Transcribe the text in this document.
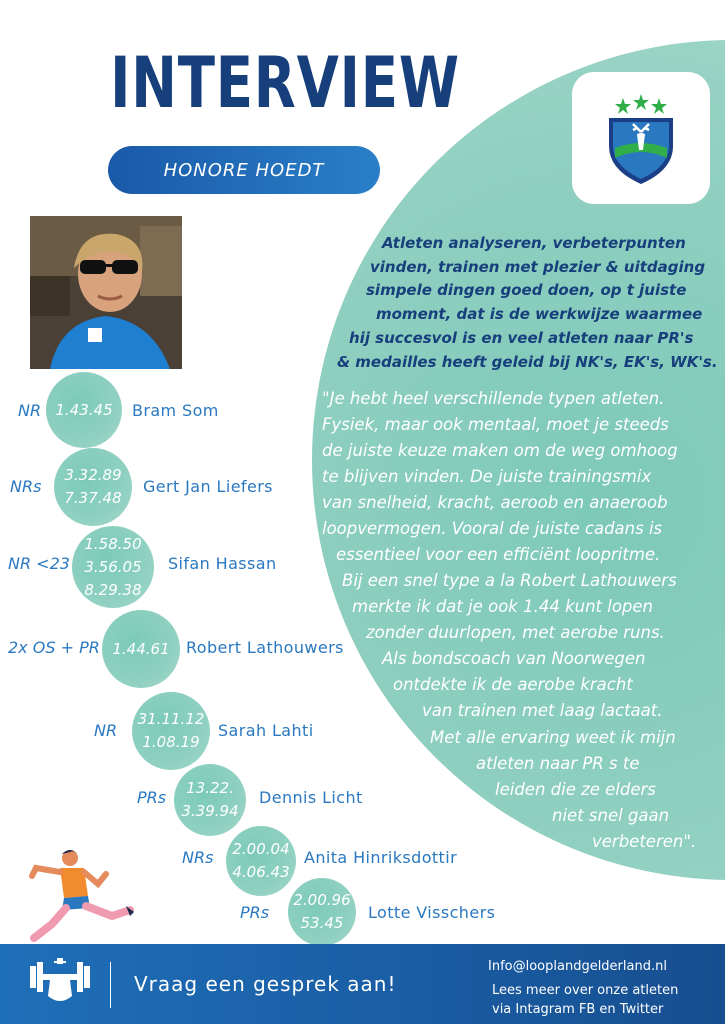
INTERVIEW
HONORE HOEDT
Atleten analyseren, verbeterpunten
vinden, trainen met plezier & uitdaging
simpele dingen goed doen, op t juiste
moment, dat is de werkwijze waarmee
hij succesvol is en veel atleten naar PR's
& medailles heeft geleid bij NK's, EK's, WK's.
"Je hebt heel verschillende typen atleten.
Fysiek, maar ook mentaal, moet je steeds
de juiste keuze maken om de weg omhoog
te blijven vinden. De juiste trainingsmix
van snelheid, kracht, aeroob en anaeroob
loopvermogen. Vooral de juiste cadans is
essentieel voor een efficiënt loopritme.
Bij een snel type a la Robert Lathouwers
merkte ik dat je ook 1.44 kunt lopen
zonder duurlopen, met aerobe runs.
Als bondscoach van Noorwegen
ontdekte ik de aerobe kracht
van trainen met laag lactaat.
Met alle ervaring weet ik mijn
atleten naar PR s te
leiden die ze elders
niet snel gaan
verbeteren".
1.43.45
3.32.89
7.37.48
1.58.50
3.56.05
8.29.38
1.44.61
31.11.12
1.08.19
13.22.
3.39.94
2.00.04
4.06.43
2.00.96
53.45
NR
NRs
NR <23
2x OS + PR
NR
PRs
NRs
PRs
Bram Som
Gert Jan Liefers
Sifan Hassan
Robert Lathouwers
Sarah Lahti
Dennis Licht
Anita Hinriksdottir
Lotte Visschers
Vraag een gesprek aan!
Info@looplandgelderland.nl
Lees meer over onze atleten
via Intagram FB en Twitter
